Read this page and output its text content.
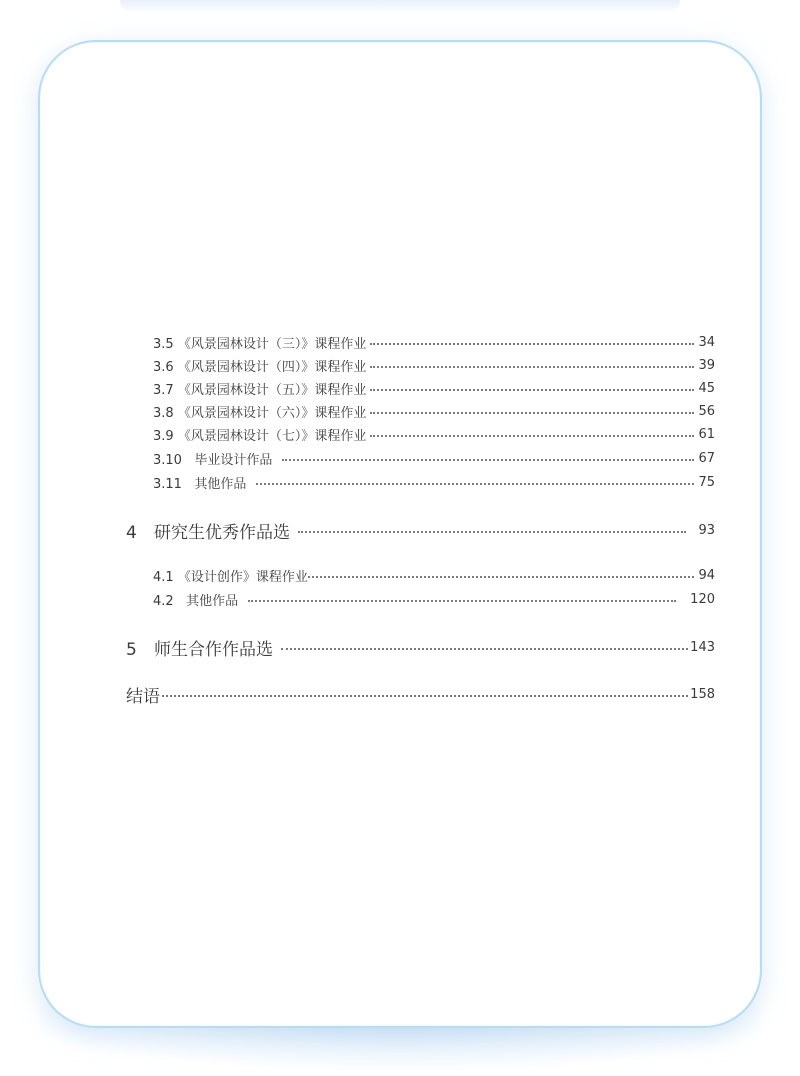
3.5 《风景园林设计（三）》课程作业	34
3.6 《风景园林设计（四）》课程作业	39
3.7 《风景园林设计（五）》课程作业	45
3.8 《风景园林设计（六）》课程作业	56
3.9 《风景园林设计（七）》课程作业	61
3.10 毕业设计作品	67
3.11 其他作品	75
4 研究生优秀作品选	93
4.1 《设计创作》课程作业	94
4.2 其他作品	120
5 师生合作作品选	143
结语	158
